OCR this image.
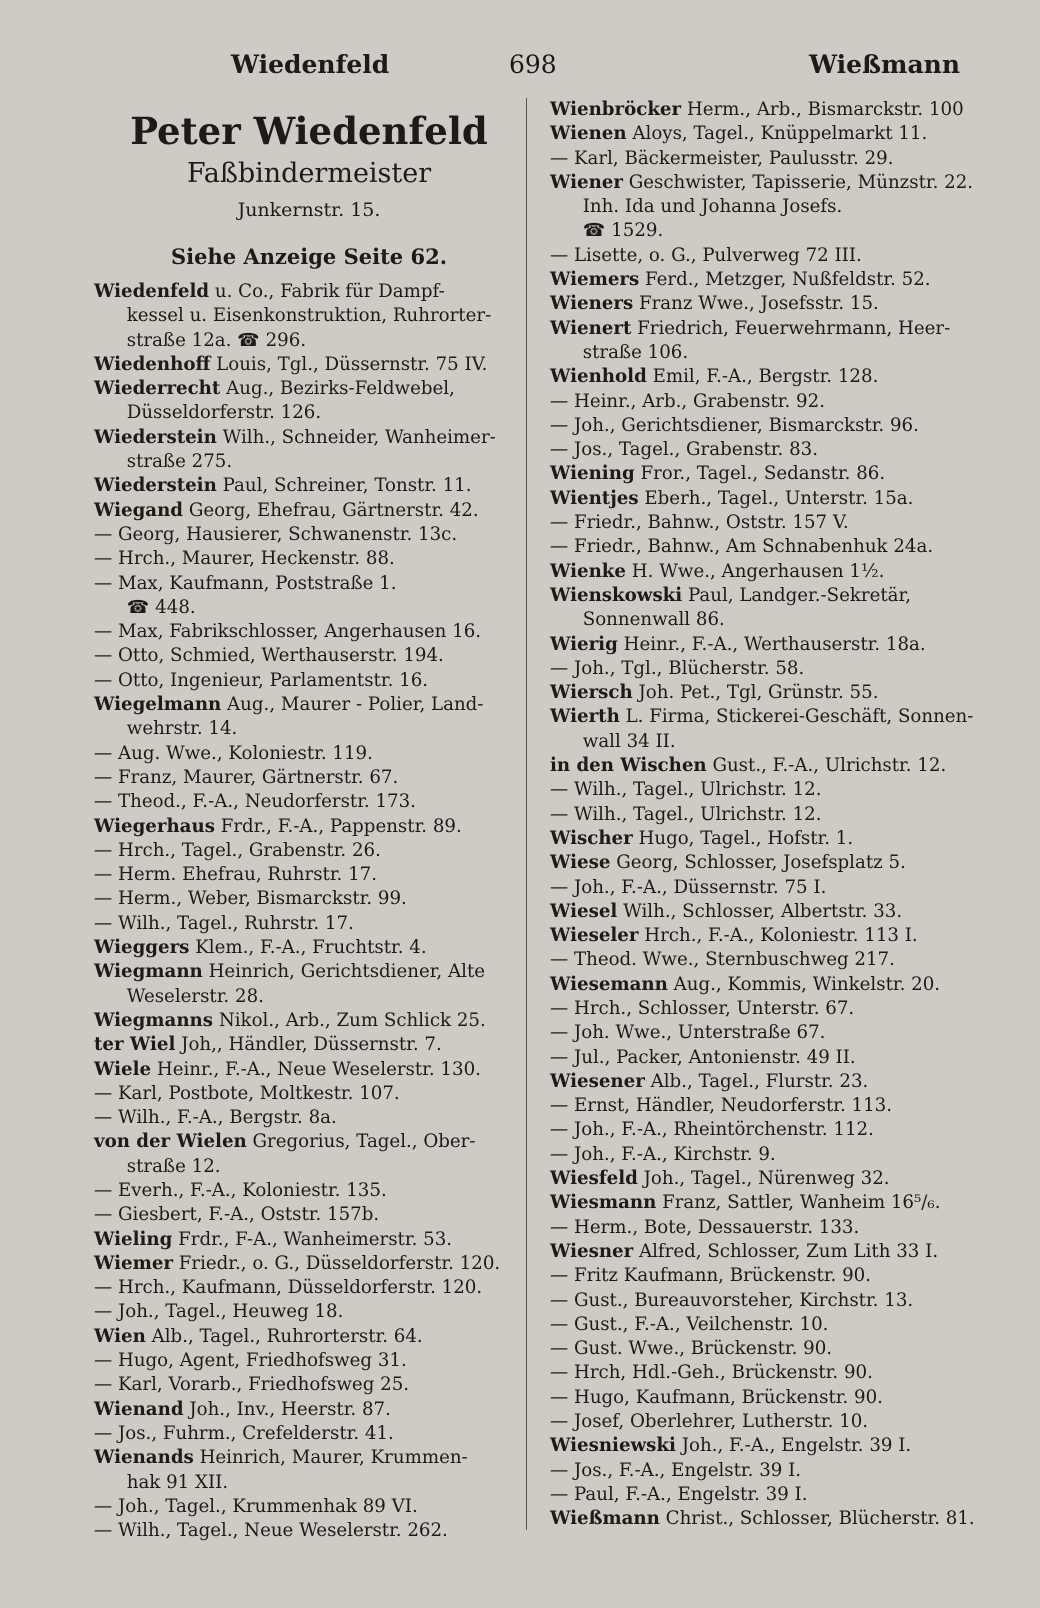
Wiedenfeld	698	Wießmann
Peter Wiedenfeld
Faßbindermeister
Junkernstr. 15.
Siehe Anzeige Seite 62.
Wiedenfeld u. Co., Fabrik für Dampf-
kessel u. Eisenkonstruktion, Ruhrorter-
straße 12a. ☎ 296.
Wiedenhoff Louis, Tgl., Düssernstr. 75 IV.
Wiederrecht Aug., Bezirks-Feldwebel,
Düsseldorferstr. 126.
Wiederstein Wilh., Schneider, Wanheimer-
straße 275.
Wiederstein Paul, Schreiner, Tonstr. 11.
Wiegand Georg, Ehefrau, Gärtnerstr. 42.
— Georg, Hausierer, Schwanenstr. 13c.
— Hrch., Maurer, Heckenstr. 88.
— Max, Kaufmann, Poststraße 1.
☎ 448.
— Max, Fabrikschlosser, Angerhausen 16.
— Otto, Schmied, Werthauserstr. 194.
— Otto, Ingenieur, Parlamentstr. 16.
Wiegelmann Aug., Maurer - Polier, Land-
wehrstr. 14.
— Aug. Wwe., Koloniestr. 119.
— Franz, Maurer, Gärtnerstr. 67.
— Theod., F.-A., Neudorferstr. 173.
Wiegerhaus Frdr., F.-A., Pappenstr. 89.
— Hrch., Tagel., Grabenstr. 26.
— Herm. Ehefrau, Ruhrstr. 17.
— Herm., Weber, Bismarckstr. 99.
— Wilh., Tagel., Ruhrstr. 17.
Wieggers Klem., F.-A., Fruchtstr. 4.
Wiegmann Heinrich, Gerichtsdiener, Alte
Weselerstr. 28.
Wiegmanns Nikol., Arb., Zum Schlick 25.
ter Wiel Joh,, Händler, Düssernstr. 7.
Wiele Heinr., F.-A., Neue Weselerstr. 130.
— Karl, Postbote, Moltkestr. 107.
— Wilh., F.-A., Bergstr. 8a.
von der Wielen Gregorius, Tagel., Ober-
straße 12.
— Everh., F.-A., Koloniestr. 135.
— Giesbert, F.-A., Oststr. 157b.
Wieling Frdr., F-A., Wanheimerstr. 53.
Wiemer Friedr., o. G., Düsseldorferstr. 120.
— Hrch., Kaufmann, Düsseldorferstr. 120.
— Joh., Tagel., Heuweg 18.
Wien Alb., Tagel., Ruhrorterstr. 64.
— Hugo, Agent, Friedhofsweg 31.
— Karl, Vorarb., Friedhofsweg 25.
Wienand Joh., Inv., Heerstr. 87.
— Jos., Fuhrm., Crefelderstr. 41.
Wienands Heinrich, Maurer, Krummen-
hak 91 XII.
— Joh., Tagel., Krummenhak 89 VI.
— Wilh., Tagel., Neue Weselerstr. 262.
Wienbröcker Herm., Arb., Bismarckstr. 100
Wienen Aloys, Tagel., Knüppelmarkt 11.
— Karl, Bäckermeister, Paulusstr. 29.
Wiener Geschwister, Tapisserie, Münzstr. 22.
Inh. Ida und Johanna Josefs.
☎ 1529.
— Lisette, o. G., Pulverweg 72 III.
Wiemers Ferd., Metzger, Nußfeldstr. 52.
Wieners Franz Wwe., Josefsstr. 15.
Wienert Friedrich, Feuerwehrmann, Heer-
straße 106.
Wienhold Emil, F.-A., Bergstr. 128.
— Heinr., Arb., Grabenstr. 92.
— Joh., Gerichtsdiener, Bismarckstr. 96.
— Jos., Tagel., Grabenstr. 83.
Wiening Fror., Tagel., Sedanstr. 86.
Wientjes Eberh., Tagel., Unterstr. 15a.
— Friedr., Bahnw., Oststr. 157 V.
— Friedr., Bahnw., Am Schnabenhuk 24a.
Wienke H. Wwe., Angerhausen 1½.
Wienskowski Paul, Landger.-Sekretär,
Sonnenwall 86.
Wierig Heinr., F.-A., Werthauserstr. 18a.
— Joh., Tgl., Blücherstr. 58.
Wiersch Joh. Pet., Tgl, Grünstr. 55.
Wierth L. Firma, Stickerei-Geschäft, Sonnen-
wall 34 II.
in den Wischen Gust., F.-A., Ulrichstr. 12.
— Wilh., Tagel., Ulrichstr. 12.
— Wilh., Tagel., Ulrichstr. 12.
Wischer Hugo, Tagel., Hofstr. 1.
Wiese Georg, Schlosser, Josefsplatz 5.
— Joh., F.-A., Düssernstr. 75 I.
Wiesel Wilh., Schlosser, Albertstr. 33.
Wieseler Hrch., F.-A., Koloniestr. 113 I.
— Theod. Wwe., Sternbuschweg 217.
Wiesemann Aug., Kommis, Winkelstr. 20.
— Hrch., Schlosser, Unterstr. 67.
— Joh. Wwe., Unterstraße 67.
— Jul., Packer, Antonienstr. 49 II.
Wiesener Alb., Tagel., Flurstr. 23.
— Ernst, Händler, Neudorferstr. 113.
— Joh., F.-A., Rheintörchenstr. 112.
— Joh., F.-A., Kirchstr. 9.
Wiesfeld Joh., Tagel., Nürenweg 32.
Wiesmann Franz, Sattler, Wanheim 16⁵/₆.
— Herm., Bote, Dessauerstr. 133.
Wiesner Alfred, Schlosser, Zum Lith 33 I.
— Fritz Kaufmann, Brückenstr. 90.
— Gust., Bureauvorsteher, Kirchstr. 13.
— Gust., F.-A., Veilchenstr. 10.
— Gust. Wwe., Brückenstr. 90.
— Hrch, Hdl.-Geh., Brückenstr. 90.
— Hugo, Kaufmann, Brückenstr. 90.
— Josef, Oberlehrer, Lutherstr. 10.
Wiesniewski Joh., F.-A., Engelstr. 39 I.
— Jos., F.-A., Engelstr. 39 I.
— Paul, F.-A., Engelstr. 39 I.
Wießmann Christ., Schlosser, Blücherstr. 81.
